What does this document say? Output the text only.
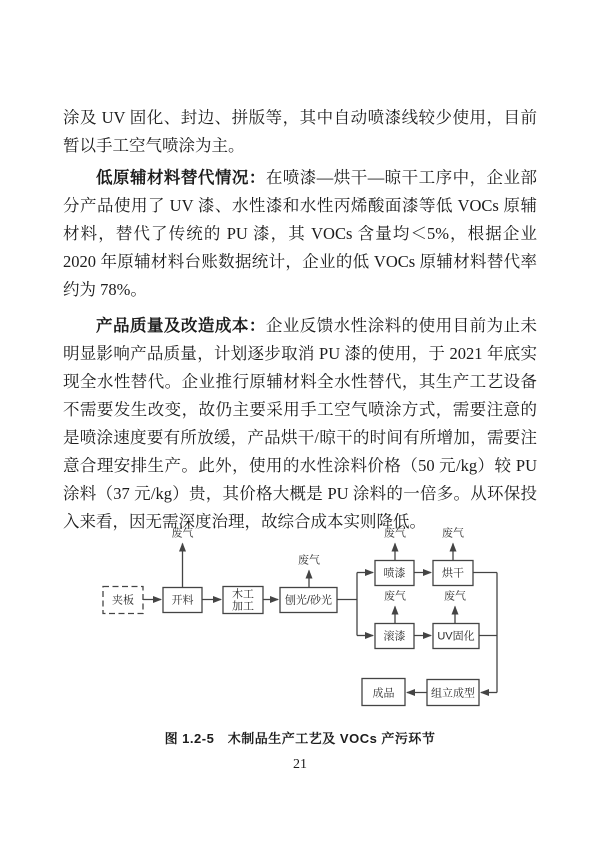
涂及 UV 固化、封边、拼版等，其中自动喷漆线较少使用，目前暂以手工空气喷涂为主。

低原辅材料替代情况：在喷漆—烘干—晾干工序中，企业部分产品使用了 UV 漆、水性漆和水性丙烯酸面漆等低 VOCs 原辅材料，替代了传统的 PU 漆，其 VOCs 含量均＜5%，根据企业 2020 年原辅材料台账数据统计，企业的低 VOCs 原辅材料替代率约为 78%。

产品质量及改造成本：企业反馈水性涂料的使用目前为止未明显影响产品质量，计划逐步取消 PU 漆的使用，于 2021 年底实现全水性替代。企业推行原辅材料全水性替代，其生产工艺设备不需要发生改变，故仍主要采用手工空气喷涂方式，需要注意的是喷涂速度要有所放缓，产品烘干/晾干的时间有所增加，需要注意合理安排生产。此外，使用的水性涂料价格（50 元/kg）较 PU 涂料（37 元/kg）贵，其价格大概是 PU 涂料的一倍多。从环保投入来看，因无需深度治理，故综合成本实则降低。

废气
废气
废气	废气
废气	废气
夹板	开料	木工
加工	刨光/砂光
喷漆	烘干
滚漆	UV固化
成品	组立成型
图 1.2-5　木制品生产工艺及 VOCs 产污环节
21
